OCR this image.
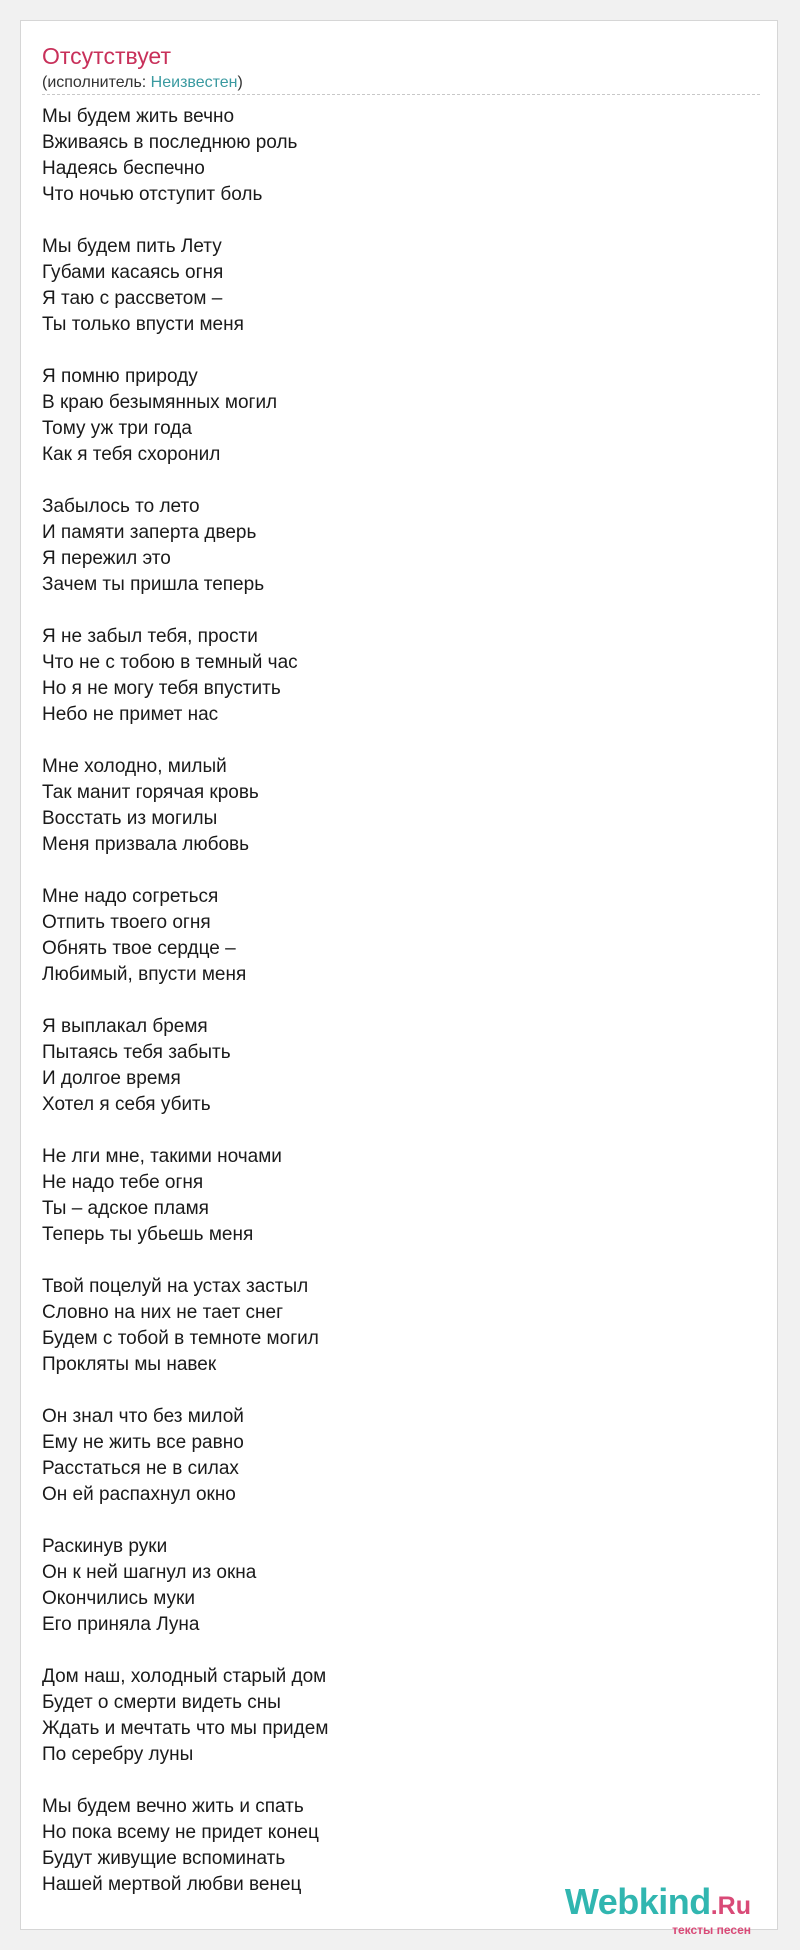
Отсутствует
(исполнитель: Неизвестен)
Мы будем жить вечно
Вживаясь в последнюю роль
Надеясь беспечно
Что ночью отступит боль
Мы будем пить Лету
Губами касаясь огня
Я таю с рассветом –
Ты только впусти меня
Я помню природу
В краю безымянных могил
Тому уж три года
Как я тебя схоронил
Забылось то лето
И памяти заперта дверь
Я пережил это
Зачем ты пришла теперь
Я не забыл тебя, прости
Что не с тобою в темный час
Но я не могу тебя впустить
Небо не примет нас
Мне холодно, милый
Так манит горячая кровь
Восстать из могилы
Меня призвала любовь
Мне надо согреться
Отпить твоего огня
Обнять твое сердце –
Любимый, впусти меня
Я выплакал бремя
Пытаясь тебя забыть
И долгое время
Хотел я себя убить
Не лги мне, такими ночами
Не надо тебе огня
Ты – адское пламя
Теперь ты убьешь меня
Твой поцелуй на устах застыл
Словно на них не тает снег
Будем с тобой в темноте могил
Прокляты мы навек
Он знал что без милой
Ему не жить все равно
Расстаться не в силах
Он ей распахнул окно
Раскинув руки
Он к ней шагнул из окна
Окончились муки
Его приняла Луна
Дом наш, холодный старый дом
Будет о смерти видеть сны
Ждать и мечтать что мы придем
По серебру луны
Мы будем вечно жить и спать
Но пока всему не придет конец
Будут живущие вспоминать
Нашей мертвой любви венец	Webkind.Ru
тексты песен
